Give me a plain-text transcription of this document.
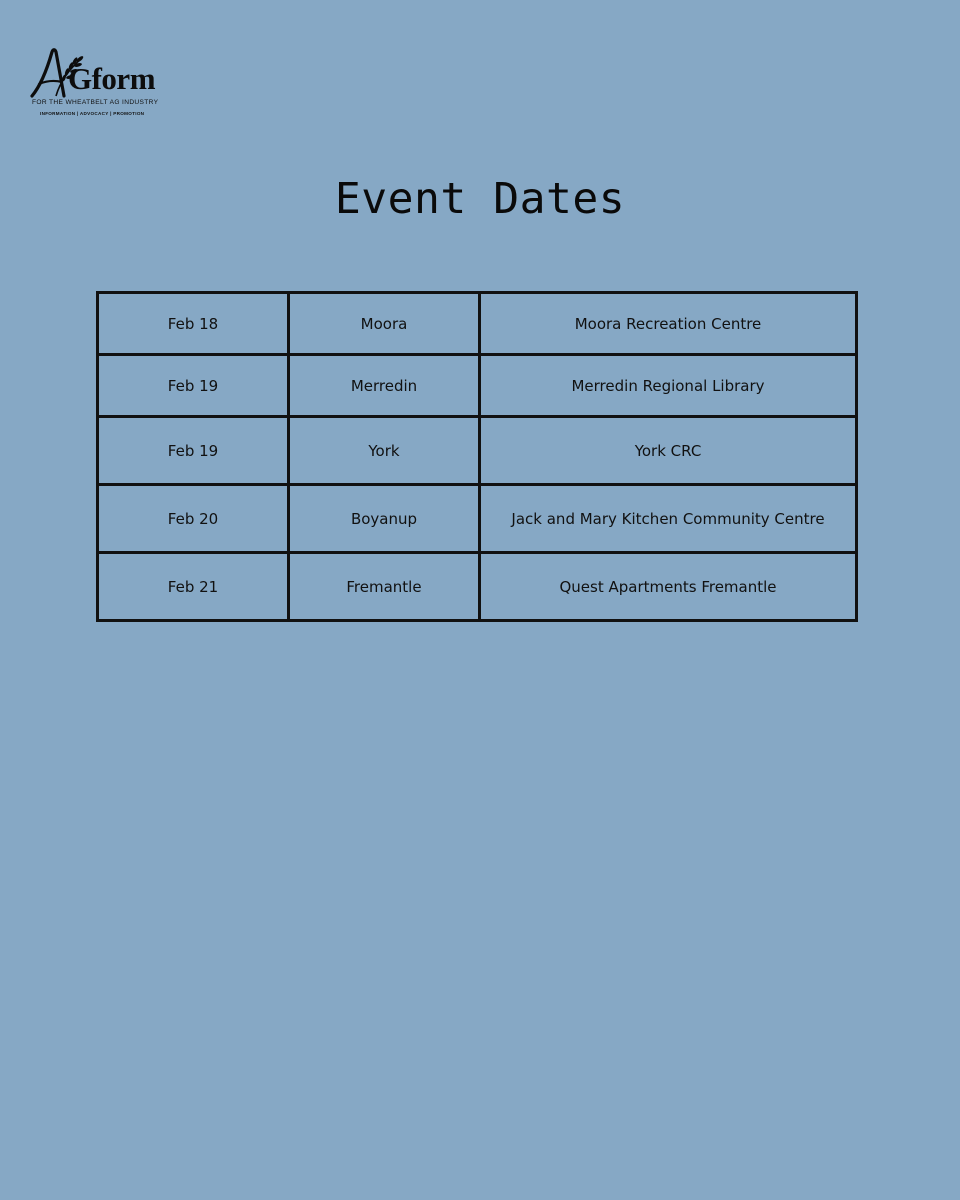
Gform
FOR THE WHEATBELT AG INDUSTRY
INFORMATION | ADVOCACY | PROMOTION
Event Dates
Feb 18	Moora	Moora Recreation Centre
Feb 19	Merredin	Merredin Regional Library
Feb 19	York	York CRC
Feb 20	Boyanup	Jack and Mary Kitchen Community Centre
Feb 21	Fremantle	Quest Apartments Fremantle
